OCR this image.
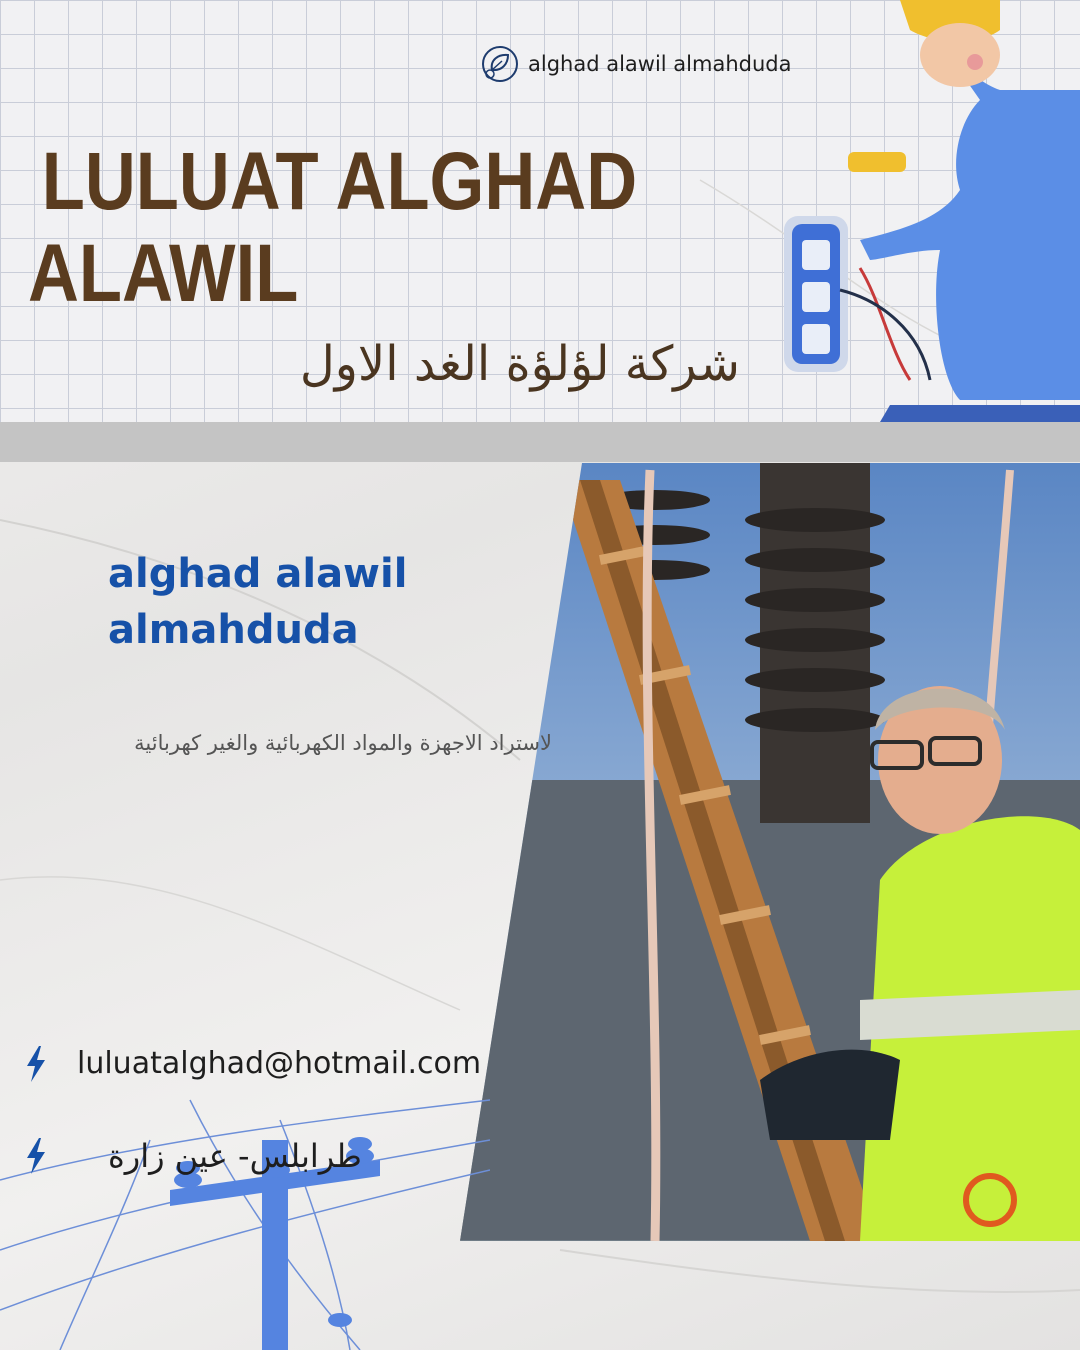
alghad alawil almahduda
LULUAT ALGHAD
ALAWIL
شركة لؤلؤة الغد الاول
alghad alawil
almahduda
لاستراد الاجهزة والمواد الكهربائية والغير كهربائية
luluatalghad@hotmail.com
طرابلس- عين زارة
